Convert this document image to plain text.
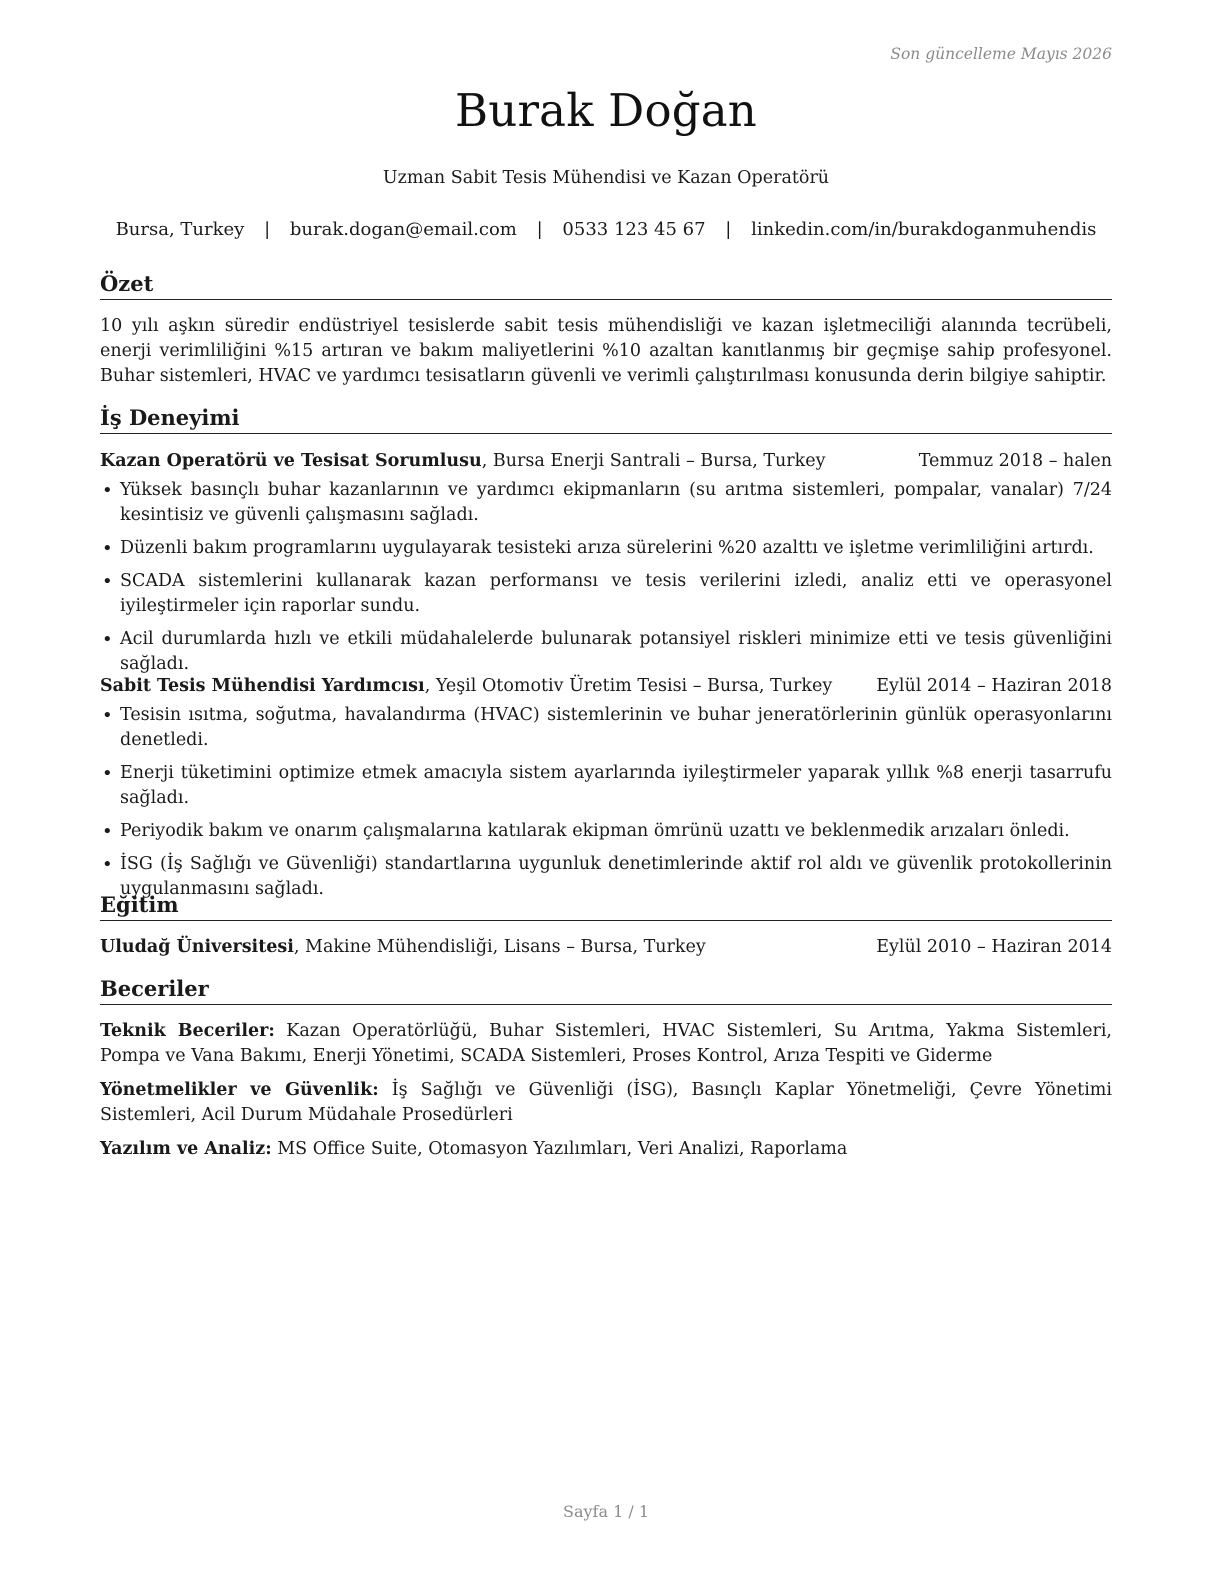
Son güncelleme Mayıs 2026
Burak Doğan
Uzman Sabit Tesis Mühendisi ve Kazan Operatörü
Bursa, Turkey | burak.dogan@email.com | 0533 123 45 67 | linkedin.com/in/burakdoganmuhendis
Özet
10 yılı aşkın süredir endüstriyel tesislerde sabit tesis mühendisliği ve kazan işletmeciliği alanında tecrübeli, enerji verimliliğini %15 artıran ve bakım maliyetlerini %10 azaltan kanıtlanmış bir geçmişe sahip profesyonel. Buhar sistemleri, HVAC ve yardımcı tesisatların güvenli ve verimli çalıştırılması konusunda derin bilgiye sahiptir.
İş Deneyimi
Kazan Operatörü ve Tesisat Sorumlusu, Bursa Enerji Santrali – Bursa, Turkey	Temmuz 2018 – halen
• Yüksek basınçlı buhar kazanlarının ve yardımcı ekipmanların (su arıtma sistemleri, pompalar, vanalar) 7/24 kesintisiz ve güvenli çalışmasını sağladı.
• Düzenli bakım programlarını uygulayarak tesisteki arıza sürelerini %20 azalttı ve işletme verimliliğini artırdı.
• SCADA sistemlerini kullanarak kazan performansı ve tesis verilerini izledi, analiz etti ve operasyonel iyileştirmeler için raporlar sundu.
• Acil durumlarda hızlı ve etkili müdahalelerde bulunarak potansiyel riskleri minimize etti ve tesis güvenliğini sağladı.
Sabit Tesis Mühendisi Yardımcısı, Yeşil Otomotiv Üretim Tesisi – Bursa, Turkey	Eylül 2014 – Haziran 2018
• Tesisin ısıtma, soğutma, havalandırma (HVAC) sistemlerinin ve buhar jeneratörlerinin günlük operasyonlarını denetledi.
• Enerji tüketimini optimize etmek amacıyla sistem ayarlarında iyileştirmeler yaparak yıllık %8 enerji tasarrufu sağladı.
• Periyodik bakım ve onarım çalışmalarına katılarak ekipman ömrünü uzattı ve beklenmedik arızaları önledi.
• İSG (İş Sağlığı ve Güvenliği) standartlarına uygunluk denetimlerinde aktif rol aldı ve güvenlik protokollerinin uygulanmasını sağladı.
Eğitim
Uludağ Üniversitesi, Makine Mühendisliği, Lisans – Bursa, Turkey	Eylül 2010 – Haziran 2014
Beceriler
Teknik Beceriler: Kazan Operatörlüğü, Buhar Sistemleri, HVAC Sistemleri, Su Arıtma, Yakma Sistemleri, Pompa ve Vana Bakımı, Enerji Yönetimi, SCADA Sistemleri, Proses Kontrol, Arıza Tespiti ve Giderme
Yönetmelikler ve Güvenlik: İş Sağlığı ve Güvenliği (İSG), Basınçlı Kaplar Yönetmeliği, Çevre Yönetimi Sistemleri, Acil Durum Müdahale Prosedürleri
Yazılım ve Analiz: MS Office Suite, Otomasyon Yazılımları, Veri Analizi, Raporlama
Sayfa 1 / 1
